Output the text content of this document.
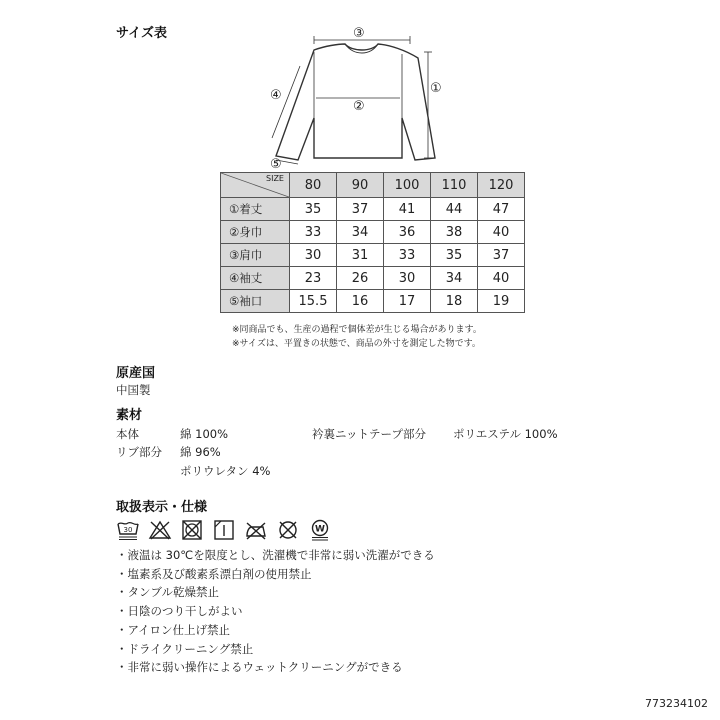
サイズ表	③
②
①
④
⑤
SIZE	80	90	100	110	120
①着丈	35	37	41	44	47
②身巾	33	34	36	38	40
③肩巾	30	31	33	35	37
④袖丈	23	26	30	34	40
⑤袖口	15.5	16	17	18	19
※同商品でも、生産の過程で個体差が生じる場合があります。
※サイズは、平置きの状態で、商品の外寸を測定した物です。
原産国
中国製
素材
本体	綿 100%	衿裏ニットテープ部分 ポリエステル 100%
リブ部分 綿 96%
ポリウレタン 4%
取扱表示・仕様
30	W
・液温は 30℃を限度とし、洗濯機で非常に弱い洗濯ができる
・塩素系及び酸素系漂白剤の使用禁止
・タンブル乾燥禁止
・日陰のつり干しがよい
・アイロン仕上げ禁止
・ドライクリーニング禁止
・非常に弱い操作によるウェットクリーニングができる
773234102
